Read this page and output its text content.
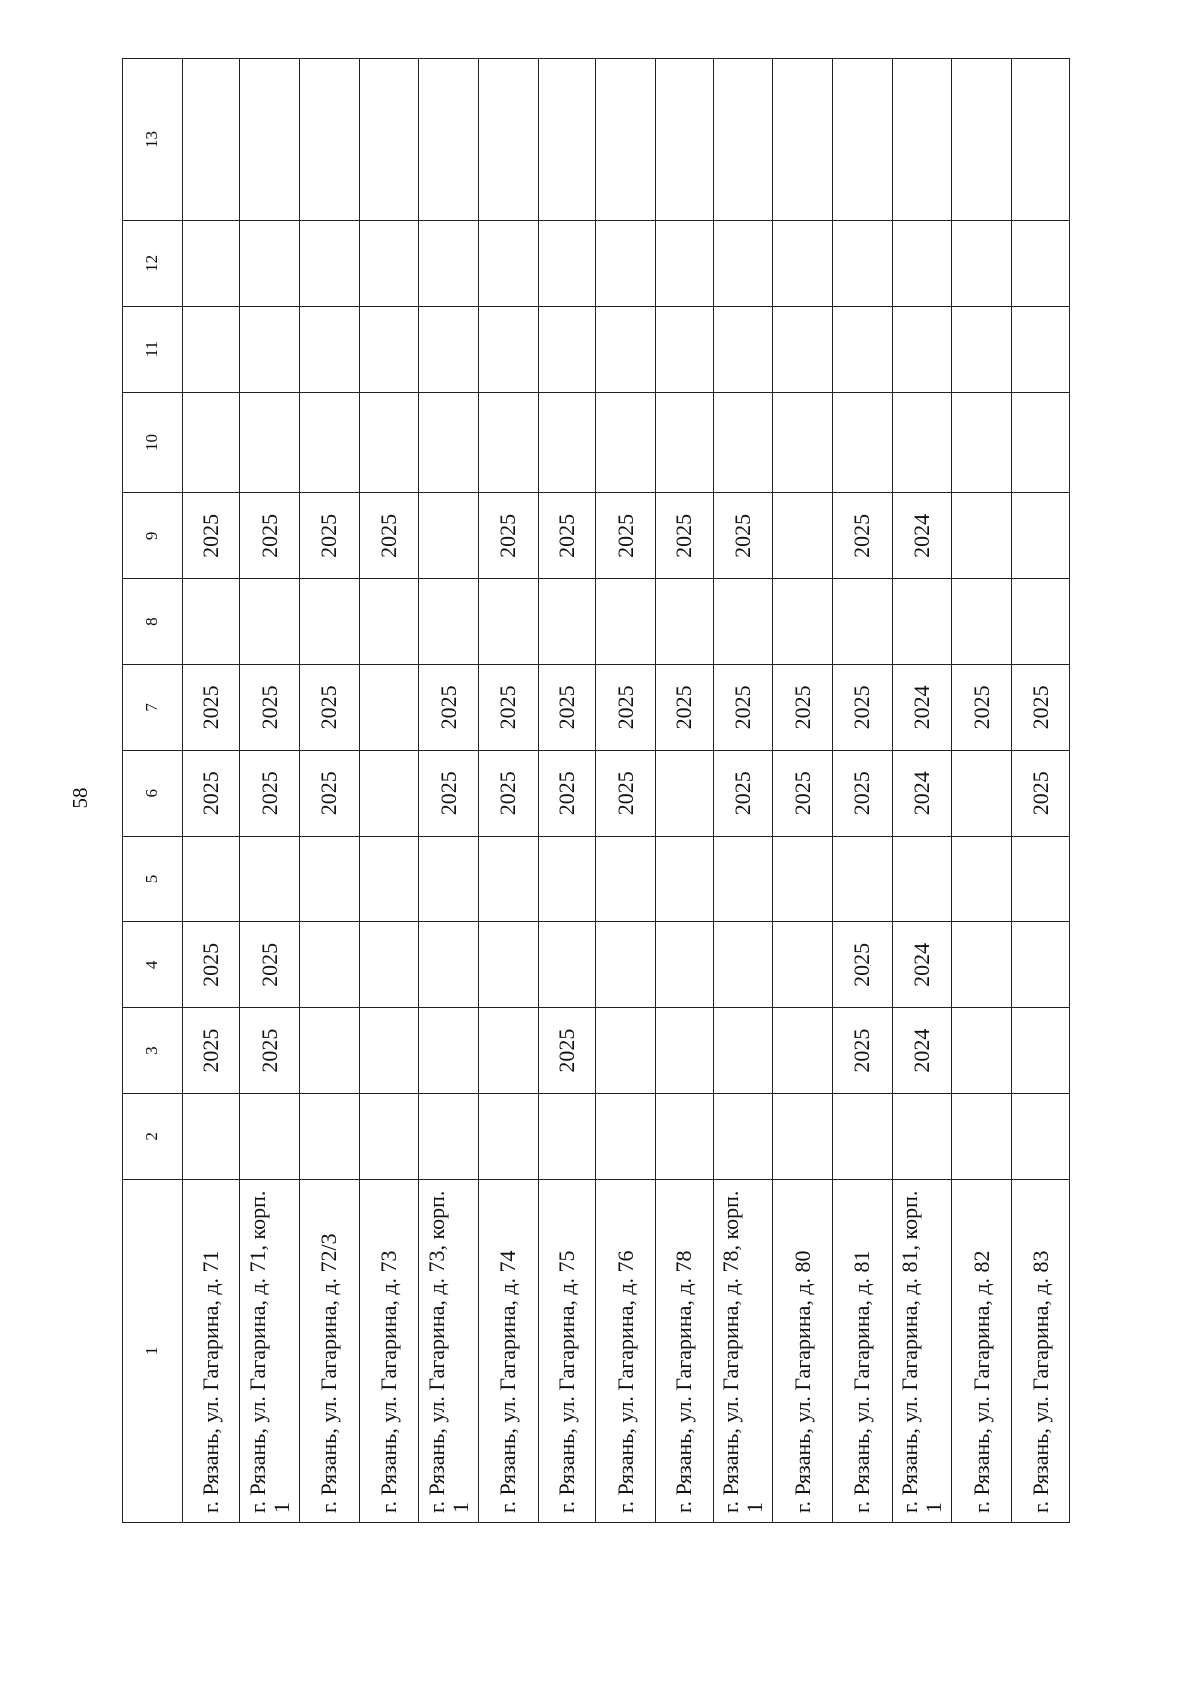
58
1	2	3	4	5	6	7	8	9	10	11	12	13
г. Рязань, ул. Гагарина, д. 71		2025	2025		2025	2025		2025				
г. Рязань, ул. Гагарина, д. 71, корп. 1		2025	2025		2025	2025		2025				
г. Рязань, ул. Гагарина, д. 72/3					2025	2025		2025				
г. Рязань, ул. Гагарина, д. 73								2025				
г. Рязань, ул. Гагарина, д. 73, корп. 1					2025	2025						
г. Рязань, ул. Гагарина, д. 74					2025	2025		2025				
г. Рязань, ул. Гагарина, д. 75		2025			2025	2025		2025				
г. Рязань, ул. Гагарина, д. 76					2025	2025		2025				
г. Рязань, ул. Гагарина, д. 78						2025		2025				
г. Рязань, ул. Гагарина, д. 78, корп. 1					2025	2025		2025				
г. Рязань, ул. Гагарина, д. 80					2025	2025						
г. Рязань, ул. Гагарина, д. 81		2025	2025		2025	2025		2025				
г. Рязань, ул. Гагарина, д. 81, корп. 1		2024	2024		2024	2024		2024				
г. Рязань, ул. Гагарина, д. 82						2025						
г. Рязань, ул. Гагарина, д. 83					2025	2025						
